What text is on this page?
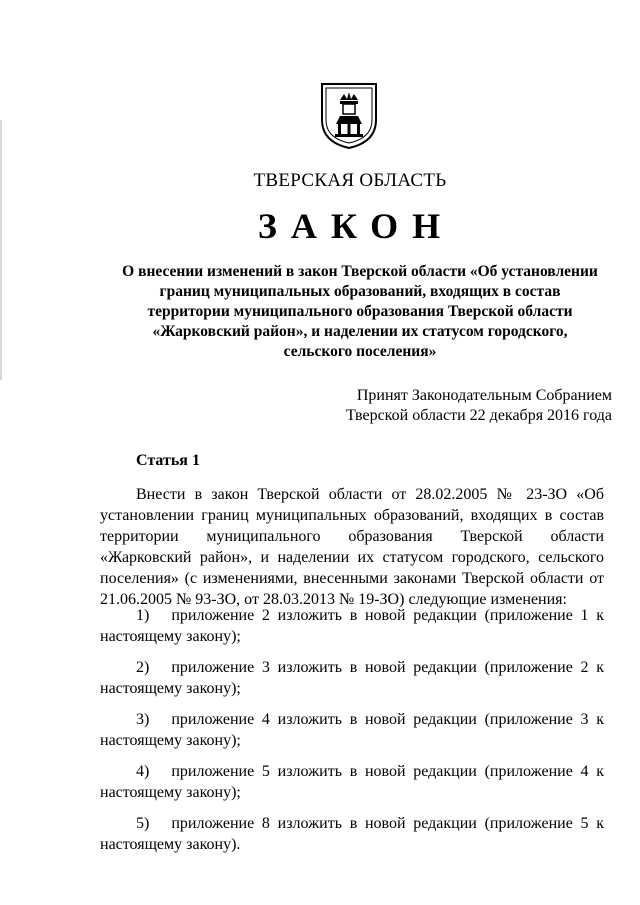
ТВЕРСКАЯ ОБЛАСТЬ
ЗАКОН
О внесении изменений в закон Тверской области «Об установлении границ муниципальных образований, входящих в состав территории муниципального образования Тверской области «Жарковский район», и наделении их статусом городского, сельского поселения»
Принят Законодательным Собранием
Тверской области 22 декабря 2016 года
Статья 1
Внести в закон Тверской области от 28.02.2005 № 23-ЗО «Об установлении границ муниципальных образований, входящих в состав территории муниципального образования Тверской области «Жарковский район», и наделении их статусом городского, сельского поселения» (с изменениями, внесенными законами Тверской области от 21.06.2005 № 93-ЗО, от 28.03.2013 № 19-ЗО) следующие изменения:
1) приложение 2 изложить в новой редакции (приложение 1 к настоящему закону);
2) приложение 3 изложить в новой редакции (приложение 2 к настоящему закону);
3) приложение 4 изложить в новой редакции (приложение 3 к настоящему закону);
4) приложение 5 изложить в новой редакции (приложение 4 к настоящему закону);
5) приложение 8 изложить в новой редакции (приложение 5 к настоящему закону).
